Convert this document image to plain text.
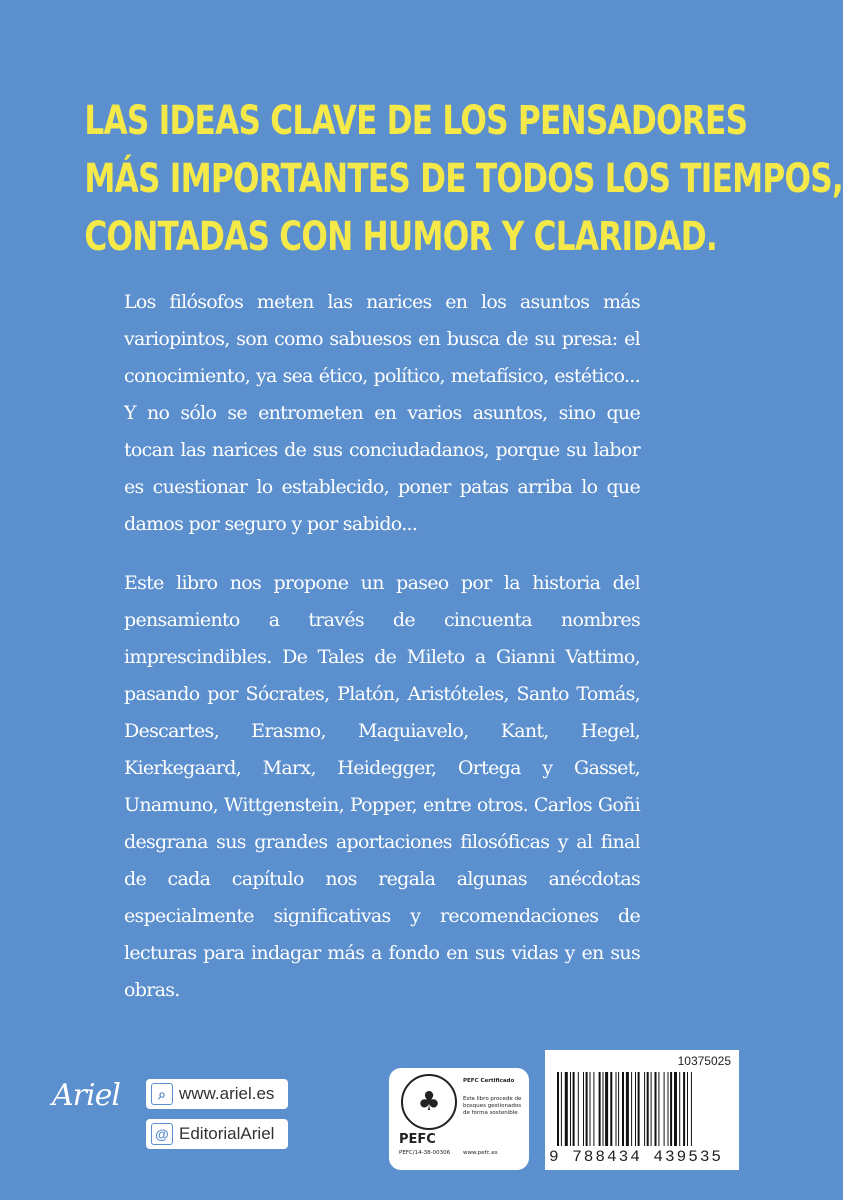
LAS IDEAS CLAVE DE LOS PENSADORES
MÁS IMPORTANTES DE TODOS LOS TIEMPOS,
CONTADAS CON HUMOR Y CLARIDAD.

Los filósofos meten las narices en los asuntos más variopintos, son como sabuesos en busca de su presa: el conocimiento, ya sea ético, político, metafísico, estético... Y no sólo se entrometen en varios asuntos, sino que tocan las narices de sus conciudadanos, porque su labor es cuestionar lo establecido, poner patas arriba lo que damos por seguro y por sabido...

Este libro nos propone un paseo por la historia del pensamiento a través de cincuenta nombres imprescindibles. De Tales de Mileto a Gianni Vattimo, pasando por Sócrates, Platón, Aristóteles, Santo Tomás, Descartes, Erasmo, Maquiavelo, Kant, Hegel, Kierkegaard, Marx, Heidegger, Ortega y Gasset, Unamuno, Wittgenstein, Popper, entre otros. Carlos Goñi desgrana sus grandes aportaciones filosóficas y al final de cada capítulo nos regala algunas anécdotas especialmente significativas y recomendaciones de lecturas para indagar más a fondo en sus vidas y en sus obras.

Ariel	⌕ www.ariel.es
@ EditorialAriel
♣
PEFC
PEFC/14-38-00306
PEFC Certificado
Este libro procede de bosques gestionados de forma sostenible
www.pefc.es
10375025
9 788434 439535
